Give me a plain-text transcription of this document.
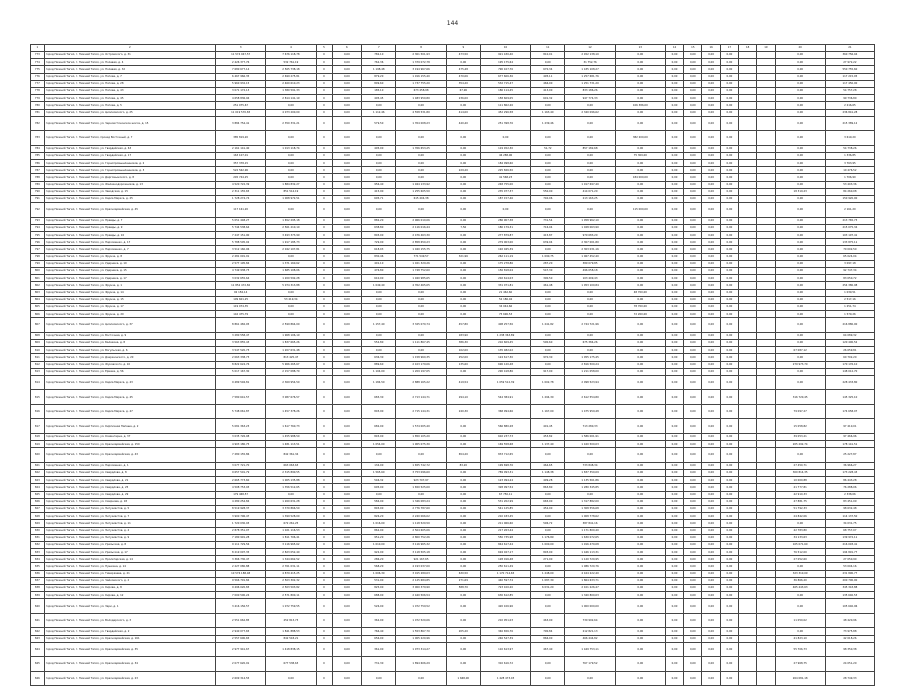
144
1	2	3	4	5	6	7	8	9	10	11	12	13	14	15	16	17	18	19	20	21
773	город Нижний Тагил, г. Нижний Тагил, ул. Островского, д. 31	11 574 947,57	7 676 118,78	0	0,00	782,10	2 301 501,93	473,50	921 430,40	810,01	2 452 138,10	0,00	0,00	0,00	0,00	0,00			0,00	360 756,04
774	город Нижний Тагил, г. Нижний Тагил, ул. Полевая, д. 4	2 426 377,76	532 761,19	0	0,00	762,36	1 379 072,78	0,00	195 175,64	0,00	31 752,76	0,00	0,00	0,00	0,00	0,00			0,00	27 972,22
775	город Нижний Тагил, г. Нижний Тагил, ул. Полевая, д. 32	7 680 677,14	2 565 738,18	0	0,00	1 198,48	3 194 967,66	475,48	790 107,76	670,34	1 435 108,27	0,00	0,00	0,00	0,00	0,00			0,00	550 755,60
776	город Нижний Тагил, г. Нижний Тагил, ул. Попова, д. 7	6 467 966,35	2 699 275,81	0	0,00	879,20	1 916 155,40	470,06	677 606,36	495,11	1 257 681,76	0,00	0,00	0,00	0,00	0,00			0,00	117 215,05
777	город Нижний Тагил, г. Нижний Тагил, ул. Попова, д. 28	5 960 932,15	2 460 610,23	0	0,00	809,60	1 737 755,20	354,20	532 715,47	466,00	1 251 731,20	0,00	0,00	0,00	0,00	0,00			0,00	117 450,00
778	город Нижний Тагил, г. Нижний Тагил, ул. Попова, д. 43	3 071 172,13	1 380 591,33	0	0,00	185,10	673 458,98	67,96	186 114,45	413,00	833 186,26	0,00	0,00	0,00	0,00	0,00			0,00	54 757,28
779	город Нижний Тагил, г. Нижний Тагил, ул. Попова, д. 45	4 658 836,94	2 814 141,19	0	0,00	405,45	1 483 950,80	236,00	158 609,05	601,32	947 774,33	0,00	0,00	0,00	0,00	0,00			0,00	99 736,80
780	город Нижний Тагил, г. Нижний Тагил, ул. Попова, д. 5	251 075,67	0,00	0	0,00	0,00	0,00	0,00	111 862,26	0,00	0,00	106 386,00	0,00	0,00	0,00	0,00			0,00	2 216,65
781	город Нижний Тагил, г. Нижний Тагил, ул. Циолковского, д. 25	11 019 570,83	4 073 200,00	0	0,00	1 112,46	4 558 531,80	414,00	452 296,58	1 163,40	2 340 096,62	0,00	0,00	0,00	0,00	0,00			0,00	236 841,28
782	город Нижний Тагил, г. Нижний Тагил, ул. Черноисточинское шоссе, д. 15	3 884 754,41	2 350 331,21	0	0,00	579,50	1 354 008,23	440,40	251 398,76	1 239,46	0,00	0,00	0,00	0,00	0,00	0,00			0,00	215 389,12
783	город Нижний Тагил, г. Нижний Тагил, проезд Восточный, д. 7	385 819,20	0,00	0	0,00	0,00	0,00	0,00	0,00	0,00	0,00	382 200,00	0,00	0,00	0,00	0,00			0,00	3 619,20
784	город Нижний Тагил, г. Нижний Тагил, ул. Гвардейская, д. 63	2 161 141,40	1 013 118,74	0	0,00	405,00	1 356 653,25	0,00	119 452,30	51,72	857 182,68	0,00	0,00	0,00	0,00	0,00			0,00	54 738,26
785	город Нижний Тагил, г. Нижний Тагил, ул. Гвардейская, д. 17	163 107,01	0,00	0	0,00	0,00	0,00	0,00	46 288,96	0,00	0,00	75 309,00	0,00	0,00	0,00	0,00			0,00	1 336,85
786	город Нижний Тагил, г. Нижний Тагил, ул. Горнопромышленников, д. 2	357 378,15	0,00	0	0,00	0,00	0,00	0,00	184 098,60	0,00	0,00	0,00	0,00	0,00	0,00	0,00			0,00	3 763,95
787	город Нижний Тагил, г. Нижний Тагил, ул. Горнопромышленников, д. 3	522 562,96	0,00	0	0,00	0,00	0,00	229,20	225 826,50	0,00	0,00	0,00	0,00	0,00	0,00	0,00			0,00	10 476,52
788	город Нижний Тагил, г. Нижний Тагил, ул. Даргомыжского, д. 8	245 744,25	0,00	0	0,00	0,00	0,00	0,00	41 568,23	0,00	0,00	184 000,00	0,00	0,00	0,00	0,00			0,00	1 706,90
789	город Нижний Тагил, г. Нижний Тагил, ул. Железнодорожников, д. 13	4 520 722,39	1 884 832,27	0	0,00	956,40	1 944 133,92	0,00	248 755,00	0,00	1 017 697,40	0,00	0,00	0,00	0,00	0,00			0,00	53 403,36
790	город Нижний Тагил, г. Нижний Тагил, ул. Заводская, д. 15	2 311 155,65	851 514,19	0	0,00	415,90	1 255 605,50	0,00	235 077,37	550,00	414 071,20	0,00	0,00	0,00	0,00	0,00			18 319,23	84 260,08
791	город Нижний Тагил, г. Нижний Тагил, ул. Карла Маркса, д. 25	1 728 274,74	1 008 972,51	0	0,00	605,71	615 404,38	0,00	187 157,46	740,06	213 163,25	0,00	0,00	0,00	0,00	0,00			0,00	150 920,00
792	город Нижний Тагил, г. Нижний Тагил, ул. Красноармейская, д. 45	117 161,20	0,00	0	0,00	0,00	0,00	0,00	0,00	0,00	0,00	115 000,00	0,00	0,00	0,00	0,00			0,00	2 161,20
793	город Нижний Тагил, г. Нижний Тагил, ул. Правды, д. 7	5 051 448,27	1 652 295,18	0	0,00	882,20	2 966 010,06	0,00	286 907,38	731,54	1 058 962,10	0,00	0,00	0,00	0,00	0,00			0,00	213 765,73
794	город Нижний Тагил, г. Нижний Тагил, ул. Правды, д. 9	5 744 538,64	2 561 210,10	0	0,00	638,80	2 116 016,44	7,56	180 179,31	716,04	1 028 063,90	0,00	0,00	0,00	0,00	0,00			0,00	215 075,34
795	город Нижний Тагил, г. Нижний Тагил, ул. Правды, д. 10	7 247 151,90	3 493 373,99	0	0,00	803,00	2 476 463,30	0,00	277 879,87	415,87	979 683,20	0,00	0,00	0,00	0,00	0,00			0,00	103 197,41
796	город Нижний Тагил, г. Нижний Тагил, ул. Пархоменко, д. 17	5 788 505,02	1 917 185,73	0	0,00	729,00	2 858 650,23	0,00	279 003,00	639,04	2 307 001,80	0,00	0,00	0,00	0,00	0,00			0,00	133 875,11
797	город Нижний Тагил, г. Нижний Тагил, ул. Пархоменко, д. 7	3 512 160,06	2 042 107,81	0	0,00	618,03	1 040 155,75	0,00	192 045,39	0,00	2 303 031,16	0,00	0,00	0,00	0,00	0,00			0,00	70 002,50
798	город Нижний Тагил, г. Нижний Тагил, ул. Фрунзе, д. 8	2 281 091,91	0,00	0	0,00	830,46	771 549,57	321,96	262 111,19	1 090,75	1 067 452,40	0,00	0,00	0,00	0,00	0,00			0,00	65 024,04
799	город Нижний Тагил, г. Нижний Тагил, ул. Ударника, д. 10	2 577 195,84	1 371 160,62	0	0,00	401,10	1 021 329,26	0,00	175 278,86	287,20	389 079,85	0,00	0,00	0,00	0,00	0,00			0,00	3 097,18
800	город Нижний Тагил, г. Нижний Тагил, ул. Ударника, д. 15	4 749 938,73	1 685 108,06	0	0,00	476,80	1 748 752,60	0,00	156 818,04	547,30	496 058,18	0,00	0,00	0,00	0,00	0,00			0,00	92 747,34
801	город Нижний Тагил, г. Нижний Тагил, ул. Ударника, д. 17	3 032 655,64	1 200 592,28	0	0,00	610,00	1 940 985,65	0,00	202 614,03	390,50	103 409,43	0,00	0,00	0,00	0,00	0,00			0,00	83 050,72
802	город Нижний Тагил, г. Нижний Тагил, ул. Фрунзе, д. 1	11 852 472,82	5 074 313,88	0	0,00	1 049,40	4 352 465,05	0,00	331 071,81	461,48	1 053 100,84	0,00	0,00	0,00	0,00	0,00			0,00	254 380,98
803	город Нижний Тагил, г. Нижний Тагил, ул. Фрунзе, д. 14	92 156,14	0,00	0	0,00	0,00	0,00	0,00	21 462,60	0,00	0,00	48 700,00	0,00	0,00	0,00	0,00			0,00	1 039,51
804	город Нижний Тагил, г. Нижний Тагил, ул. Фрунзе, д. 15	109 601,25	53 419,34	0	0,00	0,00	0,00	0,00	52 186,04	0,00	0,00	0,00	0,00	0,00	0,00	0,00			0,00	2 517,16
805	город Нижний Тагил, г. Нижний Тагил, ул. Фрунзе, д. 17	119 074,35	0,00	0	0,00	0,00	0,00	0,00	34 044,66	0,00	0,00	78 700,00	0,00	0,00	0,00	0,00			0,00	1 251,74
806	город Нижний Тагил, г. Нижний Тагил, ул. Фрунзе, д. 20	142 475,79	0,00	0	0,00	0,00	0,00	0,00	75 696,53	0,00	0,00	72 200,00	0,00	0,00	0,00	0,00			0,00	1 579,26
807	город Нижний Тагил, г. Нижний Тагил, ул. Циолковского, д. 37	8 861 482,05	2 599 864,00	0	0,00	1 157,40	3 325 070,74	457,80	408 257,56	1 241,82	2 744 721,96	0,00	0,00	0,00	0,00	0,00			0,00	216 880,00
808	город Нижний Тагил, г. Нижний Тагил, ул. Восточная, д. 9	3 280 558,47	1 968 106,19	0	0,00	0,00	0,00	183,90	1 238 363,89	0,00	0,00	0,00	0,00	0,00	0,00	0,00			0,00	64 089,32
809	город Нижний Тагил, г. Нижний Тагил, ул. Балакина, д. 8	3 563 855,43	1 837 665,26	0	0,00	552,80	1 111 867,45	386,30	216 609,45	590,60	675 384,26	0,00	0,00	0,00	0,00	0,00			0,00	120 400,52
810	город Нижний Тагил, г. Нижний Тагил, ул. Вогульская, д. 6	3 547 520,73	1 207 631,48	0	0,00	0,00	0,00	102,00	135 482,02	0,00	0,00	0,00	0,00	0,00	0,00	0,00			67 087,12	26 659,81
811	город Нижний Тагил, г. Нижний Тагил, ул. Дзержинского, д. 20	2 063 338,73	813 425,47	0	0,00	636,30	1 158 960,35	252,00	124 617,30	970,30	1 055 175,45	0,00	0,00	0,00	0,00	0,00			0,00	60 702,20
812	город Нижний Тагил, г. Нижний Тагил, ул. Жуковского, д. 10	8 822 624,76	5 966 265,67	0	0,00	889,60	2 103 179,06	135,60	696 120,48	0,00	2 816 500,24	0,00	0,00	0,00	0,00	0,00			279 973,70	170 176,10
813	город Нижний Тагил, г. Нижний Тагил, ул. Ермака, д. 56	5 017 167,30	2 157 088,70	0	0,00	1 104,00	1 209 197,05	0,00	290 418,86	917,00	1 211 058,00	0,00	0,00	0,00	0,00	0,00			0,00	148 012,70
814	город Нижний Тагил, г. Нижний Тагил, ул. Карла Маркса, д. 43	9 489 594,81	2 369 954,50	0	0,00	1 184,50	2 888 165,22	419,54	1 059 512,39	1 002,78	2 098 523,94	0,00	0,00	0,00	0,00	0,00			0,00	228 433,80
815	город Нижний Тагил, г. Нижний Тагил, ул. Карла Маркса, д. 45	7 580 641,57	3 087 676,57	0	0,00	683,30	2 713 144,71	294,10	544 384,91	1 294,30	2 612 554,80	0,00	0,00	0,00	0,00	0,00			316 720,45	145 325,10
816	город Нижний Тагил, г. Нижний Тагил, ул. Карла Маркса, д. 47	5 748 061,87	1 457 378,26	0	0,00	803,90	2 715 144,31	240,30	368 994,66	1 167,00	1 475 959,48	0,00	0,00	0,00	0,00	0,00			79 097,27	174 658,07
817	город Нижний Тагил, г. Нижний Тагил, ул. Кирпичная Папаша, д. 2	5 081 363,23	1 617 760,73	0	0,00	682,00	1 574 005,40	0,00	566 880,28	401,45	713 280,33	0,00	0,00	0,00	0,00	0,00			15 058,82	97 410,01
818	город Нижний Тагил, г. Нижний Тагил, ул. Коминтерна, д. 37	3 035 726,08	1 455 988,50	0	0,00	845,00	1 850 105,20	0,00	602 237,73	453,82	1 586 001,91	0,00	0,00	0,00	0,00	0,00			39 053,21	97 466,96
819	город Нижний Тагил, г. Нижний Тагил, ул. Красноармейская, д. 150	4 903 180,75	1 481 113,51	0	0,00	1 054,00	1 905 075,30	0,00	169 558,68	1 137,40	1 160 500,03	0,00	0,00	0,00	0,00	0,00			205 292,74	178 141,51
820	город Нижний Тагил, г. Нижний Тагил, ул. Красноармейская, д. 43	7 280 155,86	842 361,34	0	0,00	0,00	0,00	654,20	833 712,65	0,00	0,00	0,00	0,00	0,00	0,00	0,00			0,00	25 227,87
821	город Нижний Тагил, г. Нижний Тагил, ул. Пархоменко, д. 1	3 077 721,70	663 063,63	0	0,00	134,00	1 655 742,72	83,20	199 698,76	464,65	733 848,34	0,00	0,00	0,00	0,00	0,00			27 450,71	36 966,27
822	город Нижний Тагил, г. Нижний Тагил, ул. Свердлова, д. 8	9 657 501,79	2 315 890,55	0	0,00	1 565,60	3 753 096,60	0,00	789 093,31	1 148,38	1 837 350,09	0,00	0,00	0,00	0,00	0,00			300 814,35	173 228,43
823	город Нижний Тагил, г. Нижний Тагил, ул. Свердлова, д. 21	2 665 773,60	1 005 135,88	0	0,00	546,32	923 707,97	0,00	123 094,24	499,28	1 135 561,86	0,00	0,00	0,00	0,00	0,00			10 000,88	86 443,28
824	город Нижний Тагил, г. Нижний Тагил, ул. Свердлова, д. 25	4 508 753,93	1 356 512,65	0	0,00	605,00	1 650 525,00	0,00	328 997,54	863,80	1 280 345,85	0,00	0,00	0,00	0,00	0,00			41 777,81	76 288,06
825	город Нижний Тагил, г. Нижний Тагил, ул. Свердлова, д. 29	179 468,57	0,00	0	0,00	0,00	0,00	0,00	67 750,11	0,00	0,00	0,00	0,00	0,00	0,00	0,00			42 910,33	2 338,06
826	город Нижний Тагил, г. Нижний Тагил, ул. Смирнова, д. 18	4 280 254,84	1 260 631,28	0	0,00	584,00	1 346 083,24	0,00	531 202,99	665,00	1 317 882,00	0,00	0,00	0,00	0,00	0,00			47 881,75	83 451,09
827	город Нижний Тагил, г. Нижний Тагил, ул. Энтузиастов, д. 5	8 519 928,37	3 370 866,50	0	0,00	845,00	2 776 787,60	0,00	541 125,85	452,00	1 308 556,68	0,00	0,00	0,00	0,00	0,00			51 792,33	98 632,48
828	город Нижний Тагил, г. Нижний Тагил, ул. Энтузиастов, д. 7	3 900 796,47	1 399 528,00	0	0,00	826,20	2 240 066,02	0,00	210 183,45	0,00	1 008 778,62	0,00	0,00	0,00	0,00	0,00			24 842,06	114 137,50
829	город Нижний Тагил, г. Нижний Тагил, ул. Энтузиастов, д. 11	1 720 030,93	672 261,25	0	0,00	1 016,00	1 118 520,50	0,00	211 066,60	596,72	387 841,16	0,00	0,00	0,00	0,00	0,00			0,00	34 031,75
830	город Нижний Тагил, г. Нижний Тагил, ул. Энтузиастов, д. 4	2 878 351,07	1 021 116,53	0	0,00	862,00	2 504 605,06	0,00	217 263,44	0,00	1 171 800,40	0,00	0,00	0,00	0,00	0,00			42 783,80	68 757,07
831	город Нижний Тагил, г. Нижний Тагил, ул. Энтузиастов, д. 9	7 180 991,28	1 811 706,41	0	0,00	951,20	2 800 752,26	0,00	550 735,98	1 176,89	1 630 072,65	0,00	0,00	0,00	0,00	0,00			34 133,63	139 972,11
832	город Нижний Тагил, г. Нижний Тагил, ул. Уральская, д. 8	9 111 729,56	3 116 965,62	0	0,00	1 010,00	3 116 965,32	0,00	844 617,44	1 000,00	1 916 470,08	0,00	0,00	0,00	0,00	0,00			105 071,60	216 093,41
833	город Нижний Тагил, г. Нижний Тагил, ул. Уральская, д. 17	8 219 097,35	2 823 052,40	0	0,00	922,00	3 118 505,18	0,00	694 027,17	893,00	1 446 113,31	0,00	0,00	0,00	0,00	0,00			76 512,00	194 891,77
834	город Нижний Тагил, г. Нижний Тагил, ул. Пролетарская, д. 14	3 366 730,47	1 344 662,52	0	0,00	286,20	921 167,65	0,00	128 016,48	271,00	1 120 720,95	0,00	0,00	0,00	0,00	0,00			27 052,60	27 050,90
835	город Нижний Тагил, г. Нижний Тагил, ул. Пушкина, д. 14	2 227 080,88	2 761 031,11	0	0,00	568,20	4 193 037,00	0,00	250 611,49	0,00	1 086 720,76	0,00	0,00	0,00	0,00	0,00			0,00	53 004,16
836	город Нижний Тагил, г. Нижний Тагил, ул. Тимирязева, д. 21	10 576 188,48	4 879 415,25	0	0,00	1 006,30	3 015 289,03	630,50	1 170 714,65	1 248,00	4 164 222,40	0,00	0,00	0,00	0,00	0,00			323 310,09	231 890,77
837	город Нижний Тагил, г. Нижний Тагил, ул. Чайковского, д. 2	9 566 791,84	2 503 302,32	0	0,00	531,00	2 125 684,85	271,69	440 597,74	1 087,30	1 864 633,71	0,00	0,00	0,00	0,00	0,00			36 866,20	200 700,00
838	город Нижний Тагил, г. Нижний Тагил, ул. Кирова, д. 8	9 496 020,83	2 503 503,82	0	0,00	825,00	3 000 379,90	588,70	723 100,20	6 031,20	2 101 226,47	0,00	0,00	0,00	0,00	0,00			465 443,63	345 343,88
839	город Нижний Тагил, г. Нижний Тагил, ул. Кирова, д. 12	7 000 500,24	2 571 800,11	0	0,00	688,00	2 440 506,54	0,00	630 612,85	0,00	1 340 800,03	0,00	0,00	0,00	0,00	0,00			0,00	135 640,53
840	город Нижний Тагил, г. Нижний Тагил, ул. Зари, д. 1	3 416 156,57	1 072 759,55	0	0,00	526,00	1 072 759,52	0,00	420 106,96	0,00	1 000 000,00	0,00	0,00	0,00	0,00	0,00			0,00	105 640,96
841	город Нижний Тагил, г. Нижний Тагил, ул. Володарского, д. 3	2 551 662,85	452 813,73	0	0,00	362,00	1 072 520,06	0,00	210 951,03	463,00	730 992,64	0,00	0,00	0,00	0,00	0,00			11 050,02	48 420,96
842	город Нижний Тагил, г. Нижний Тагил, ул. Гвардейская, д. 2	2 940 077,65	1 841 888,53	0	0,00	766,40	1 553 867,70	205,20	346 656,76	790,84	212 821,13	0,00	0,00	0,00	0,00	0,00			0,00	73 975,88
843	город Нижний Тагил, г. Нижний Тагил, ул. Красноармейская, д. 161	2 557 600,65	842 518,21	0	0,00	656,00	1 005 220,96	0,00	246 547,39	866,00	466 444,82	0,00	0,00	0,00	0,00	0,00			41 823,10	42 018,26
844	город Нижний Тагил, г. Нижний Тагил, ул. Красноармейская, д. 35	2 977 941,67	1 418 838,15	0	0,00	361,00	1 973 314,27	0,00	110 613,97	467,40	1 449 753,11	0,00	0,00	0,00	0,00	0,00			55 706,73	98 350,38
845	город Нижний Тагил, г. Нижний Тагил, ул. Красноармейская, д. 34	2 077 620,91	677 538,63	0	0,00	731,30	1 894 606,29	0,00	310 616,72	0,00	767 179,52	0,00	0,00	0,00	0,00	0,00			27 968,75	24 051,20
846	город Нижний Тагил, г. Нижний Тагил, ул. Красноармейская, д. 23	2 609 314,55	0,00	0	0,00	0,00	0,00	1 668,00	1 428 473,03	0,00	0,00	0,00	0,00	0,00	0,00	0,00			264 081,18	28 749,33
